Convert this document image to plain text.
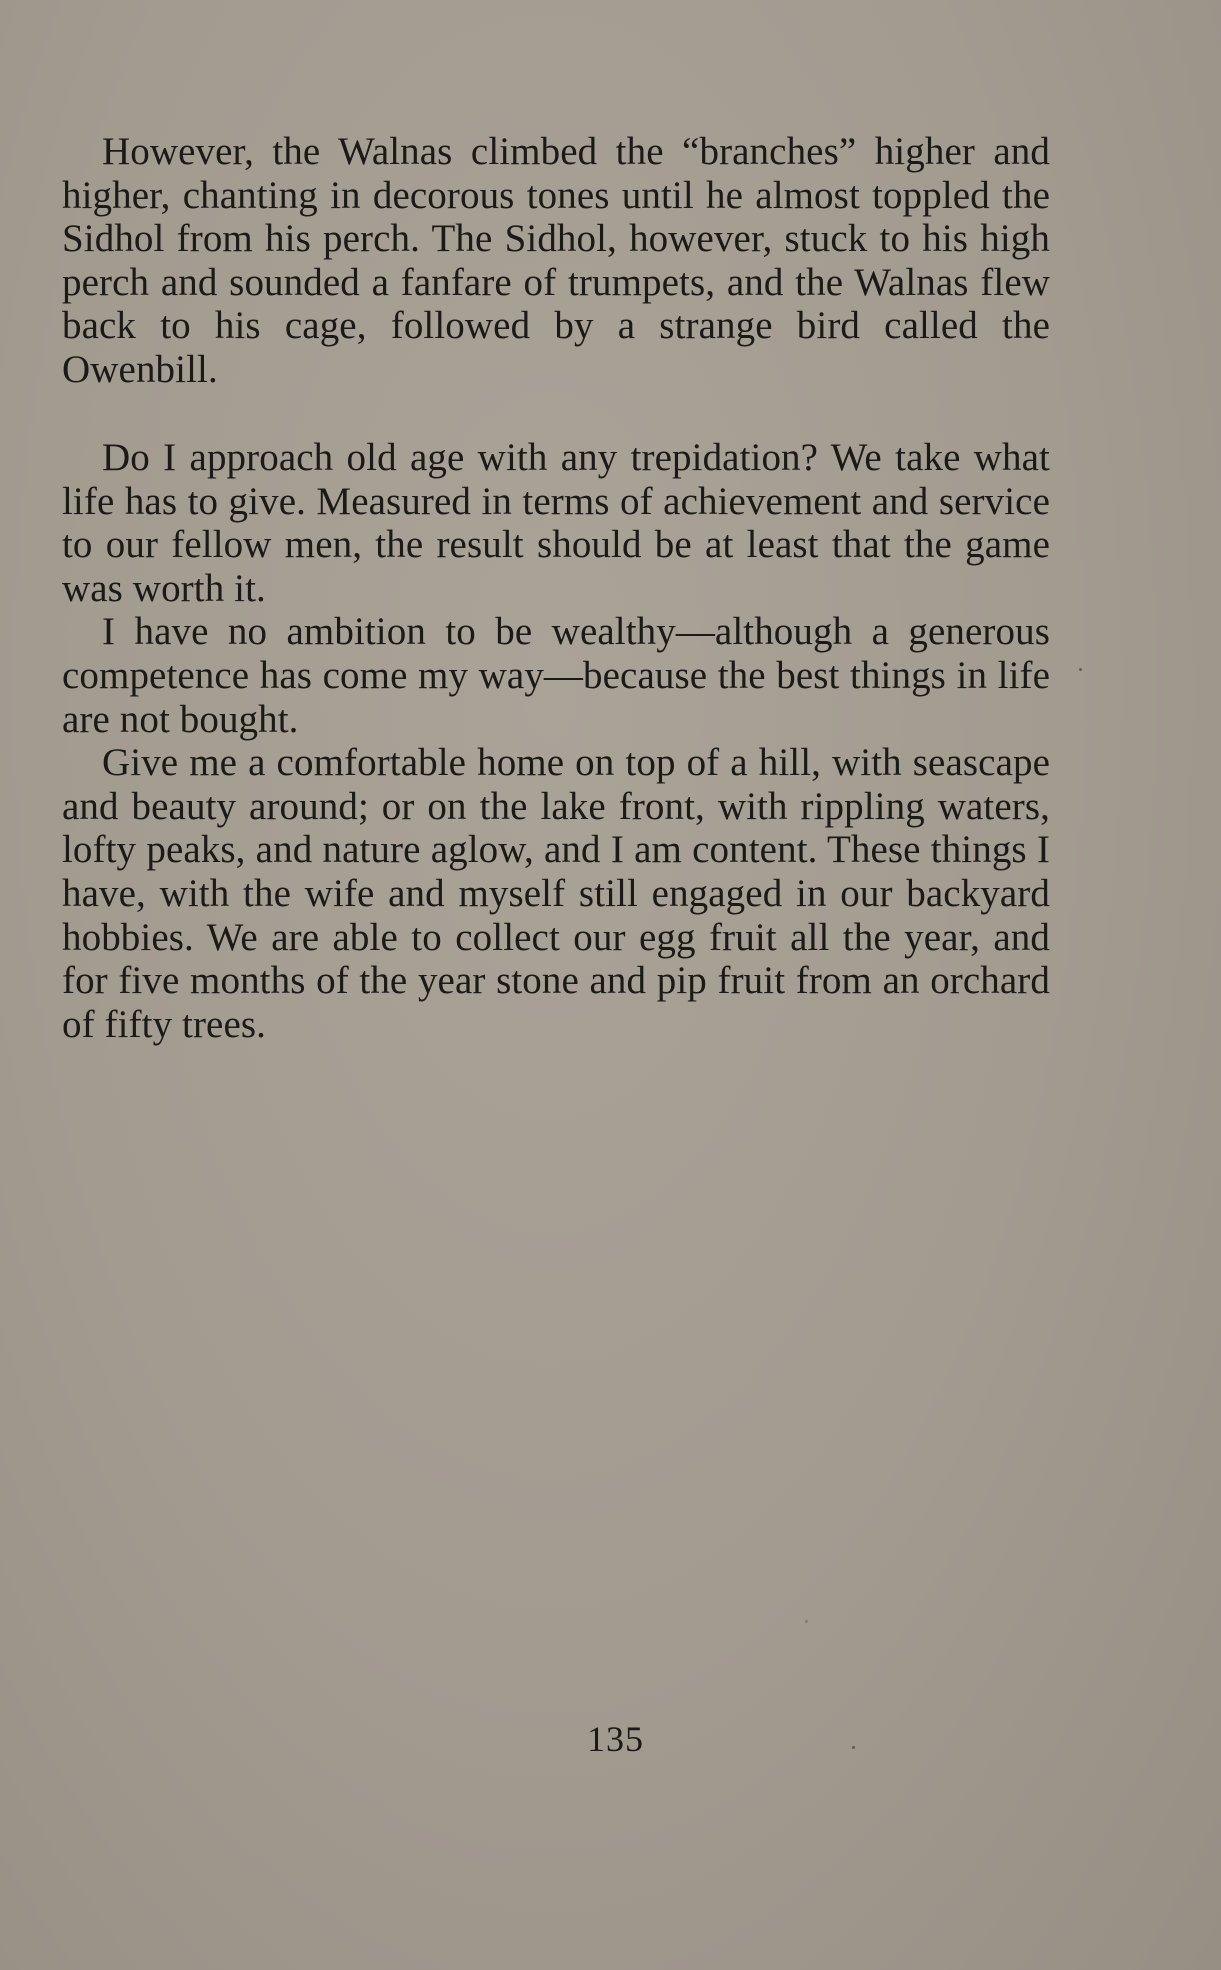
However, the Walnas climbed the “branches” higher and higher, chanting in decorous tones until he almost toppled the Sidhol from his perch. The Sidhol, however, stuck to his high perch and sounded a fanfare of trumpets, and the Walnas flew back to his cage, followed by a strange bird called the Owenbill.

Do I approach old age with any trepidation? We take what life has to give. Measured in terms of achievement and service to our fellow men, the result should be at least that the game was worth it.

I have no ambition to be wealthy—although a generous competence has come my way—because the best things in life are not bought.

Give me a comfortable home on top of a hill, with seascape and beauty around; or on the lake front, with rippling waters, lofty peaks, and nature aglow, and I am content. These things I have, with the wife and myself still engaged in our backyard hobbies. We are able to collect our egg fruit all the year, and for five months of the year stone and pip fruit from an orchard of fifty trees.

135
